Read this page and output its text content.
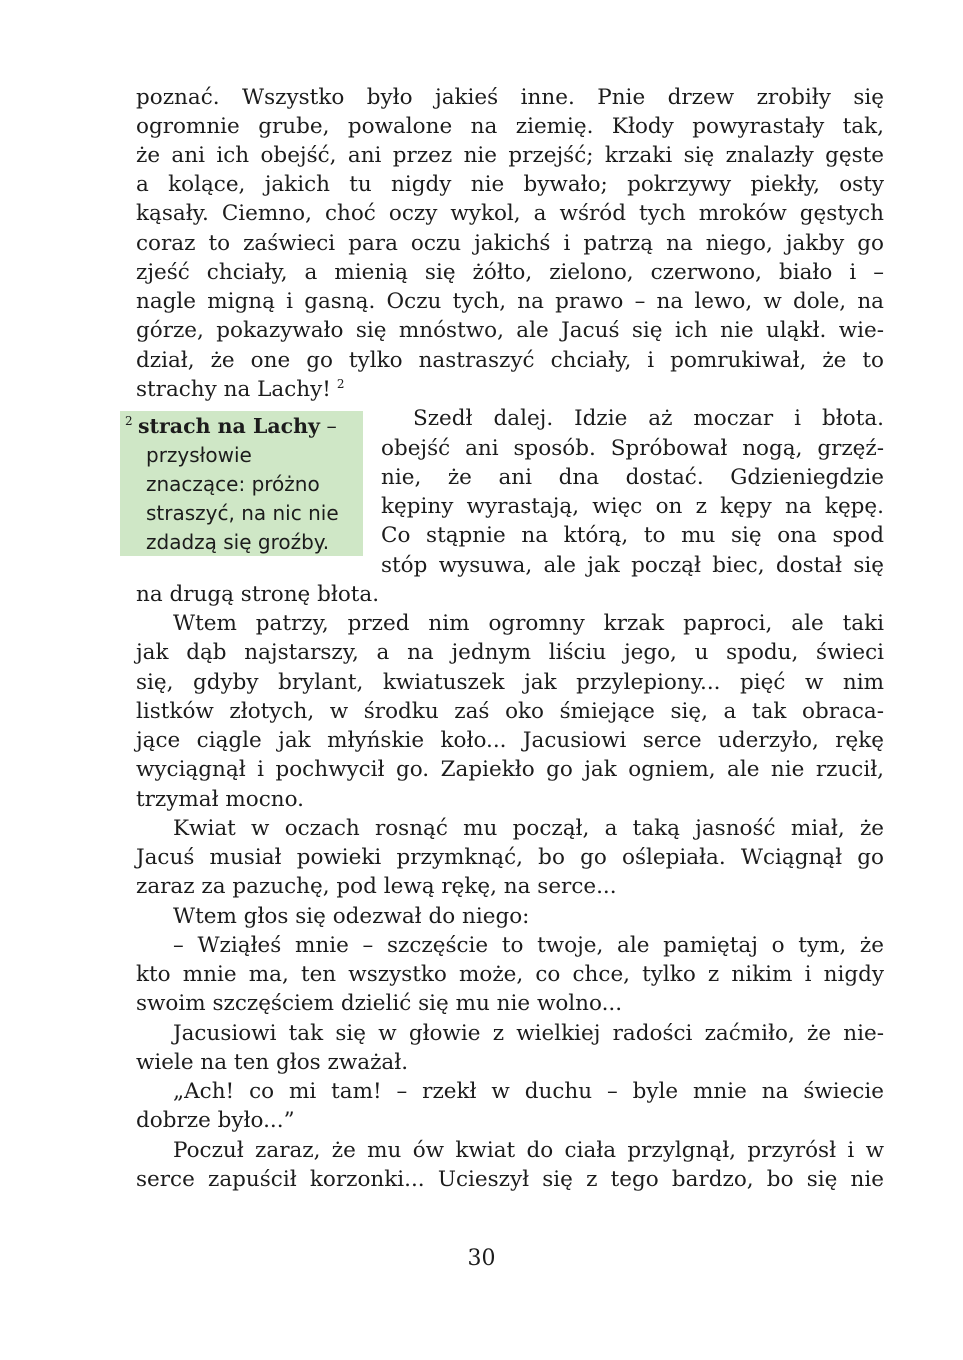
poznać. Wszystko było jakieś inne. Pnie drzew zrobiły się
ogromnie grube, powalone na ziemię. Kłody powyrastały tak,
że ani ich obejść, ani przez nie przejść; krzaki się znalazły gęste
a kolące, jakich tu nigdy nie bywało; pokrzywy piekły, osty
kąsały. Ciemno, choć oczy wykol, a wśród tych mroków gęstych
coraz to zaświeci para oczu jakichś i patrzą na niego, jakby go
zjeść chciały, a mienią się żółto, zielono, czerwono, biało i –
nagle migną i gasną. Oczu tych, na prawo – na lewo, w dole, na
górze, pokazywało się mnóstwo, ale Jacuś się ich nie uląkł. wie-
dział, że one go tylko nastraszyć chciały, i pomrukiwał, że to
strachy na Lachy! $^2$
2 strach na Lachy –
przysłowie
znaczące: próżno
straszyć, na nic nie
zdadzą się groźby.
Szedł dalej. Idzie aż moczar i błota.
obejść ani sposób. Spróbował nogą, grzęź-
nie, że ani dna dostać. Gdzieniegdzie
kępiny wyrastają, więc on z kępy na kępę.
Co stąpnie na którą, to mu się ona spod
stóp wysuwa, ale jak począł biec, dostał się
na drugą stronę błota.
Wtem patrzy, przed nim ogromny krzak paproci, ale taki
jak dąb najstarszy, a na jednym liściu jego, u spodu, świeci
się, gdyby brylant, kwiatuszek jak przylepiony... pięć w nim
listków złotych, w środku zaś oko śmiejące się, a tak obraca-
jące ciągle jak młyńskie koło... Jacusiowi serce uderzyło, rękę
wyciągnął i pochwycił go. Zapiekło go jak ogniem, ale nie rzucił,
trzymał mocno.
Kwiat w oczach rosnąć mu począł, a taką jasność miał, że
Jacuś musiał powieki przymknąć, bo go oślepiała. Wciągnął go
zaraz za pazuchę, pod lewą rękę, na serce...
Wtem głos się odezwał do niego:
– Wziąłeś mnie – szczęście to twoje, ale pamiętaj o tym, że
kto mnie ma, ten wszystko może, co chce, tylko z nikim i nigdy
swoim szczęściem dzielić się mu nie wolno...
Jacusiowi tak się w głowie z wielkiej radości zaćmiło, że nie-
wiele na ten głos zważał.
„Ach! co mi tam! – rzekł w duchu – byle mnie na świecie
dobrze było...”
Poczuł zaraz, że mu ów kwiat do ciała przylgnął, przyrósł i w
serce zapuścił korzonki... Ucieszył się z tego bardzo, bo się nie
30
